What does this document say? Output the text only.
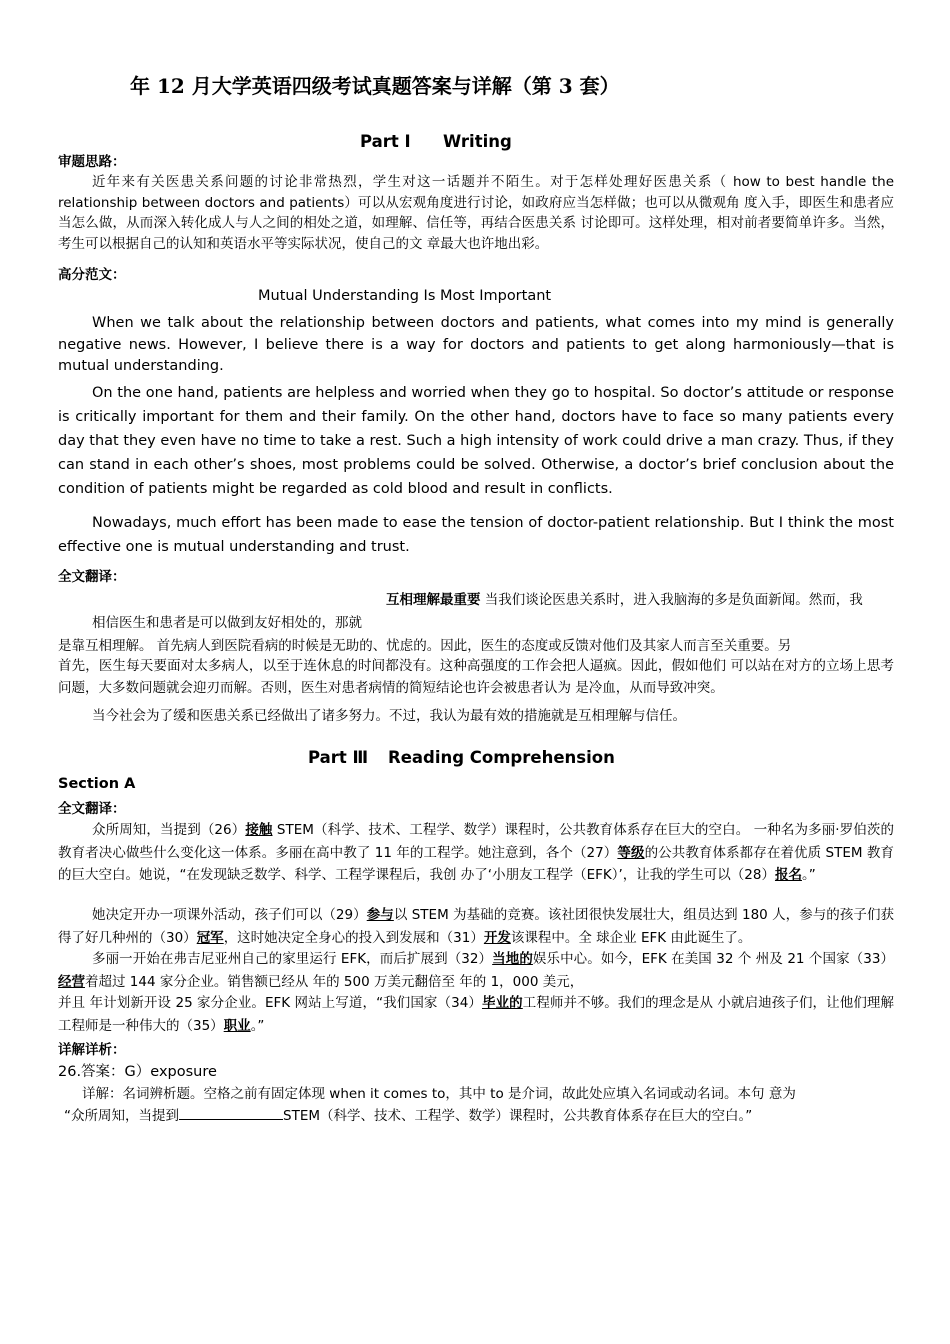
年 12 月大学英语四级考试真题答案与详解（第 3 套）
Part I Writing
审题思路：
近年来有关医患关系问题的讨论非常热烈，学生对这一话题并不陌生。对于怎样处理好医患关系（ how to best handle the relationship between doctors and patients）可以从宏观角度进行讨论，如政府应当怎样做；也可以从微观角 度入手，即医生和患者应当怎么做，从而深入转化成人与人之间的相处之道，如理解、信任等，再结合医患关系 讨论即可。这样处理，相对前者要简单许多。当然，考生可以根据自己的认知和英语水平等实际状况，使自己的文 章最大也许地出彩。
高分范文：
Mutual Understanding Is Most Important
When we talk about the relationship between doctors and patients, what comes into my mind is generally negative news. However, I believe there is a way for doctors and patients to get along harmoniously—that is mutual understanding.
On the one hand, patients are helpless and worried when they go to hospital. So doctor’s attitude or response is critically important for them and their family. On the other hand, doctors have to face so many patients every day that they even have no time to take a rest. Such a high intensity of work could drive a man crazy. Thus, if they can stand in each other’s shoes, most problems could be solved. Otherwise, a doctor’s brief conclusion about the condition of patients might be regarded as cold blood and result in conflicts.
Nowadays, much effort has been made to ease the tension of doctor-patient relationship. But I think the most effective one is mutual understanding and trust.
全文翻译：
互相理解最重要 当我们谈论医患关系时，进入我脑海的多是负面新闻。然而，我
相信医生和患者是可以做到友好相处的，那就
是靠互相理解。 首先病人到医院看病的时候是无助的、忧虑的。因此，医生的态度或反馈对他们及其家人而言至关重要。另
首先，医生每天要面对太多病人，以至于连休息的时间都没有。这种高强度的工作会把人逼疯。因此，假如他们 可以站在对方的立场上思考问题，大多数问题就会迎刃而解。否则，医生对患者病情的简短结论也许会被患者认为 是冷血，从而导致冲突。
当今社会为了缓和医患关系已经做出了诸多努力。不过，我认为最有效的措施就是互相理解与信任。
Part Ⅲ Reading Comprehension
Section A
全文翻译：
众所周知，当提到（26）接触 STEM（科学、技术、工程学、数学）课程时，公共教育体系存在巨大的空白。 一种名为多丽·罗伯茨的教育者决心做些什么变化这一体系。多丽在高中教了 11 年的工程学。她注意到，各个（27）等级的公共教育体系都存在着优质 STEM 教育的巨大空白。她说，“在发现缺乏数学、科学、工程学课程后，我创 办了‘小朋友工程学（EFK）’，让我的学生可以（28）报名。”
她决定开办一项课外活动，孩子们可以（29）参与以 STEM 为基础的竞赛。该社团很快发展壮大，组员达到 180 人，参与的孩子们获得了好几种州的（30）冠军，这时她决定全身心的投入到发展和（31）开发该课程中。全 球企业 EFK 由此诞生了。
多丽一开始在弗吉尼亚州自己的家里运行 EFK，而后扩展到（32）当地的娱乐中心。如今，EFK 在美国 32 个 州及 21 个国家（33）经营着超过 144 家分企业。销售额已经从 年的 500 万美元翻倍至 年的 1，000 美元，
并且 年计划新开设 25 家分企业。EFK 网站上写道，“我们国家（34）毕业的工程师并不够。我们的理念是从 小就启迪孩子们，让他们理解工程师是一种伟大的（35）职业。”
详解详析：
26.答案：G）exposure
详解：名词辨析题。空格之前有固定体现 when it comes to，其中 to 是介词，故此处应填入名词或动名词。本句 意为
“众所周知，当提到	STEM（科学、技术、工程学、数学）课程时，公共教育体系存在巨大的空白。”
